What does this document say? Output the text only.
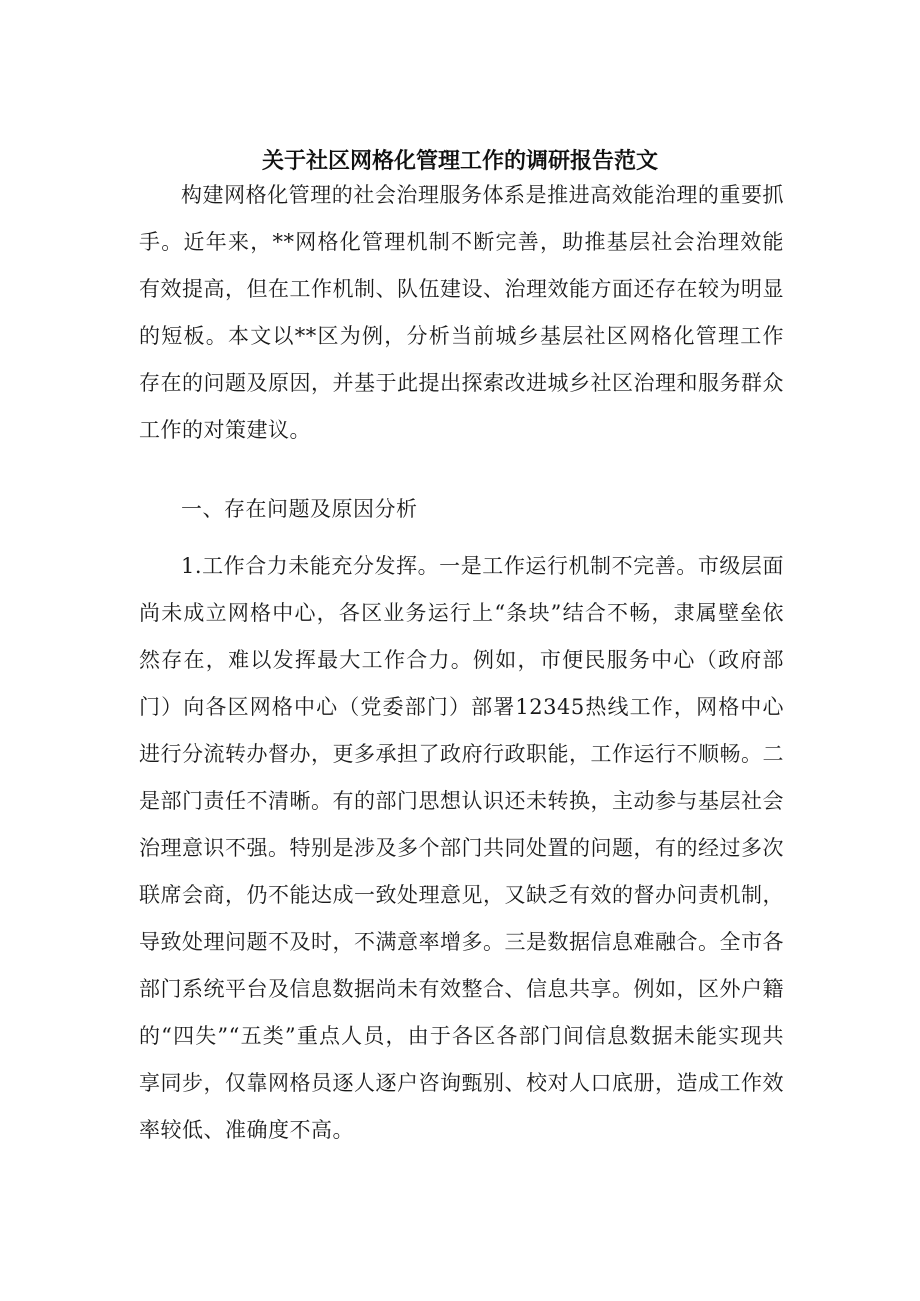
关于社区网格化管理工作的调研报告范文

构建网格化管理的社会治理服务体系是推进高效能治理的重要抓手。近年来，**网格化管理机制不断完善，助推基层社会治理效能有效提高，但在工作机制、队伍建设、治理效能方面还存在较为明显的短板。本文以**区为例，分析当前城乡基层社区网格化管理工作存在的问题及原因，并基于此提出探索改进城乡社区治理和服务群众工作的对策建议。

一、存在问题及原因分析

1.工作合力未能充分发挥。一是工作运行机制不完善。市级层面尚未成立网格中心，各区业务运行上“条块”结合不畅，隶属壁垒依然存在，难以发挥最大工作合力。例如，市便民服务中心（政府部门）向各区网格中心（党委部门）部署12345热线工作，网格中心进行分流转办督办，更多承担了政府行政职能，工作运行不顺畅。二是部门责任不清晰。有的部门思想认识还未转换，主动参与基层社会治理意识不强。特别是涉及多个部门共同处置的问题，有的经过多次联席会商，仍不能达成一致处理意见，又缺乏有效的督办问责机制，导致处理问题不及时，不满意率增多。三是数据信息难融合。全市各部门系统平台及信息数据尚未有效整合、信息共享。例如，区外户籍的“四失”“五类”重点人员，由于各区各部门间信息数据未能实现共享同步，仅靠网格员逐人逐户咨询甄别、校对人口底册，造成工作效率较低、准确度不高。
